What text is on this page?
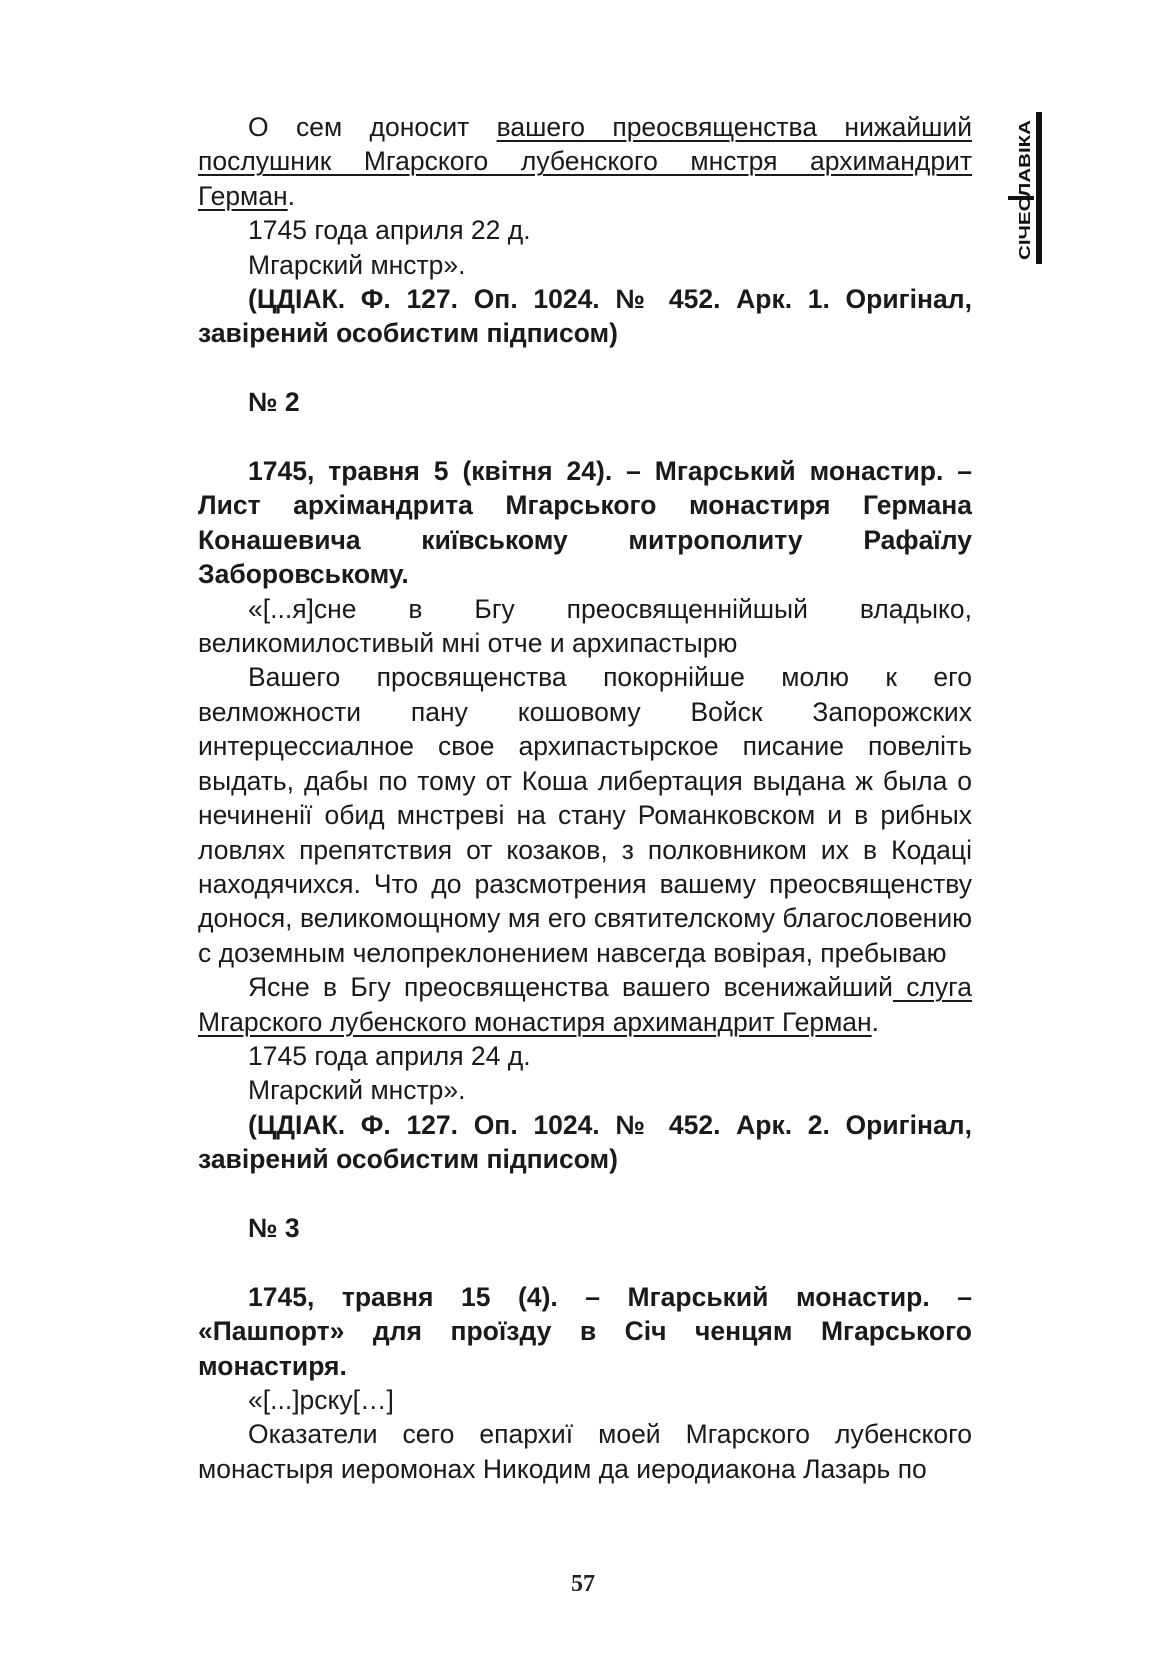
О сем доносит вашего преосвященства нижайший послушник Мгарского лубенского мнстря архимандрит Герман.

1745 года априля 22 д.

Мгарский мнстр».

(ЦДІАК. Ф. 127. Оп. 1024. № 452. Арк. 1. Оригінал, завірений особистим підписом)

№ 2

1745, травня 5 (квітня 24). – Мгарський монастир. – Лист архімандрита Мгарського монастиря Германа Конашевича київському митрополиту Рафаїлу Заборовському.

«[...я]сне в Бгу преосвященнійшый владыко, великомилостивый мні отче и архипастырю

Вашего просвященства покорнійше молю к его велможности пану кошовому Войск Запорожских интерцессиалное свое архипастырское писание повеліть выдать, дабы по тому от Коша либертация выдана ж была о нечиненії обид мнстреві на стану Романковском и в рибных ловлях препятствия от козаков, з полковником их в Кодаці находячихся. Что до разсмотрения вашему преосвященству донося, великомощному мя его святителскому благословению с доземным челопреклонением навсегда вовірая, пребываю

Ясне в Бгу преосвященства вашего всенижайший слуга Мгарского лубенского монастиря архимандрит Герман.

1745 года априля 24 д.

Мгарский мнстр».

(ЦДІАК. Ф. 127. Оп. 1024. № 452. Арк. 2. Оригінал, завірений особистим підписом)

№ 3

1745, травня 15 (4). – Мгарський монастир. – «Пашпорт» для проїзду в Січ ченцям Мгарського монастиря.

«[...]рску[…]

Оказатели сего епархиї моей Мгарского лубенского монастыря иеромонах Никодим да иеродиакона Лазарь по

СІЧЕСЛАВІКА
57
